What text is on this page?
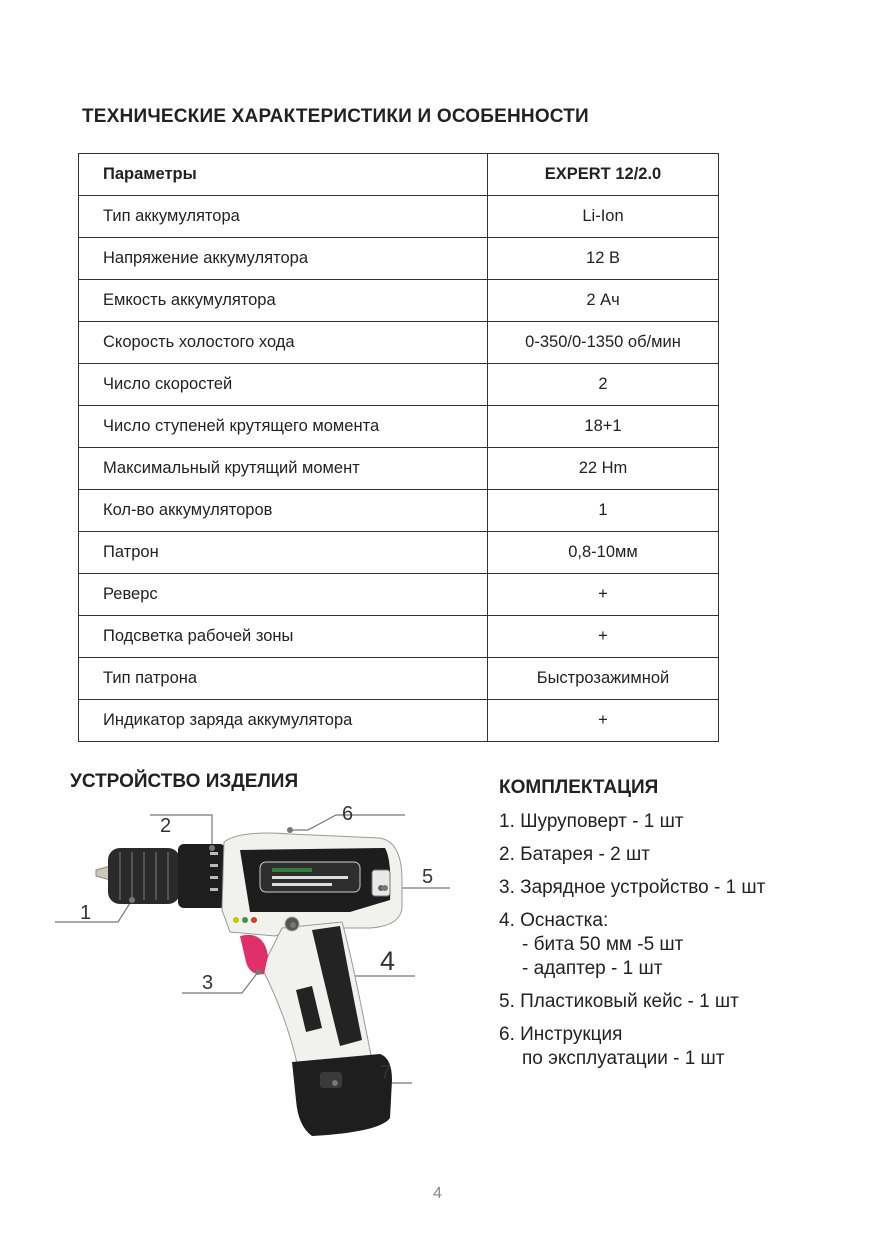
ТЕХНИЧЕСКИЕ ХАРАКТЕРИСТИКИ И ОСОБЕННОСТИ
Параметры	EXPERT 12/2.0
Тип аккумулятора	Li-Ion
Напряжение аккумулятора	12 В
Емкость аккумулятора	2 Ач
Скорость холостого хода	0-350/0-1350 об/мин
Число скоростей	2
Число ступеней крутящего момента	18+1
Максимальный крутящий момент	22 Hm
Кол-во аккумуляторов	1
Патрон	0,8-10мм
Реверс	+
Подсветка рабочей зоны	+
Тип патрона	Быстрозажимной
Индикатор заряда аккумулятора	+
УСТРОЙСТВО ИЗДЕЛИЯ	КОМПЛЕКТАЦИЯ
1. Шуруповерт - 1 шт
2. Батарея - 2 шт
3. Зарядное устройство - 1 шт
4. Оснастка:
- бита 50 мм -5 шт
- адаптер - 1 шт
5. Пластиковый кейс - 1 шт
6. Инструкция
по эксплуатации - 1 шт
1
2
3
4
5
6
7
4
